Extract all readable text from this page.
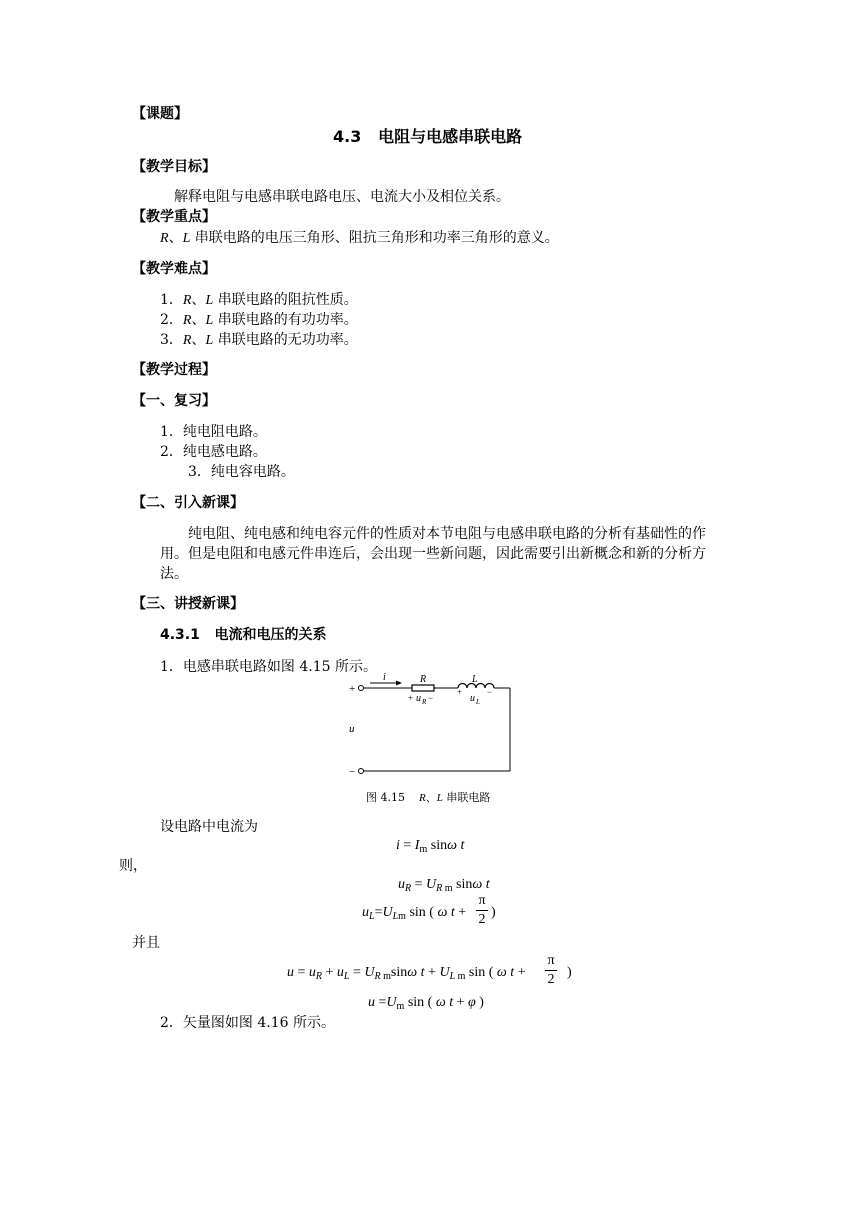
【课题】
4.3 电阻与电感串联电路
【教学目标】
解释电阻与电感串联电路电压、电流大小及相位关系。
【教学重点】
R、L 串联电路的电压三角形、阻抗三角形和功率三角形的意义。
【教学难点】
1．R、L 串联电路的阻抗性质。
2．R、L 串联电路的有功功率。
3．R、L 串联电路的无功功率。
【教学过程】
【一、复习】
1．纯电阻电路。
2．纯电感电路。
3．纯电容电路。
【二、引入新课】
纯电阻、纯电感和纯电容元件的性质对本节电阻与电感串联电路的分析有基础性的作用。但是电阻和电感元件串连后，会出现一些新问题，因此需要引出新概念和新的分析方法。
【三、讲授新课】
4.3.1 电流和电压的关系
1．电感串联电路如图 4.15 所示。
+
−
i	R	L
+ u R −
+
u L
−
u
图 4.15 R、L 串联电路
设电路中电流为
$i = I_m$ sinω t
则，
$u_R = U_{R m}$ sinω t
$u_L=U_{Lm}$ sin ( ω t +
π
2 )
并且
$u = u_R + u_L = U_{R m}\sin\omega$ $t + U_{L m}$ sin ( ω t +
π
2 )
$u =U_m$ sin ( ω t + φ )
2．矢量图如图 4.16 所示。
